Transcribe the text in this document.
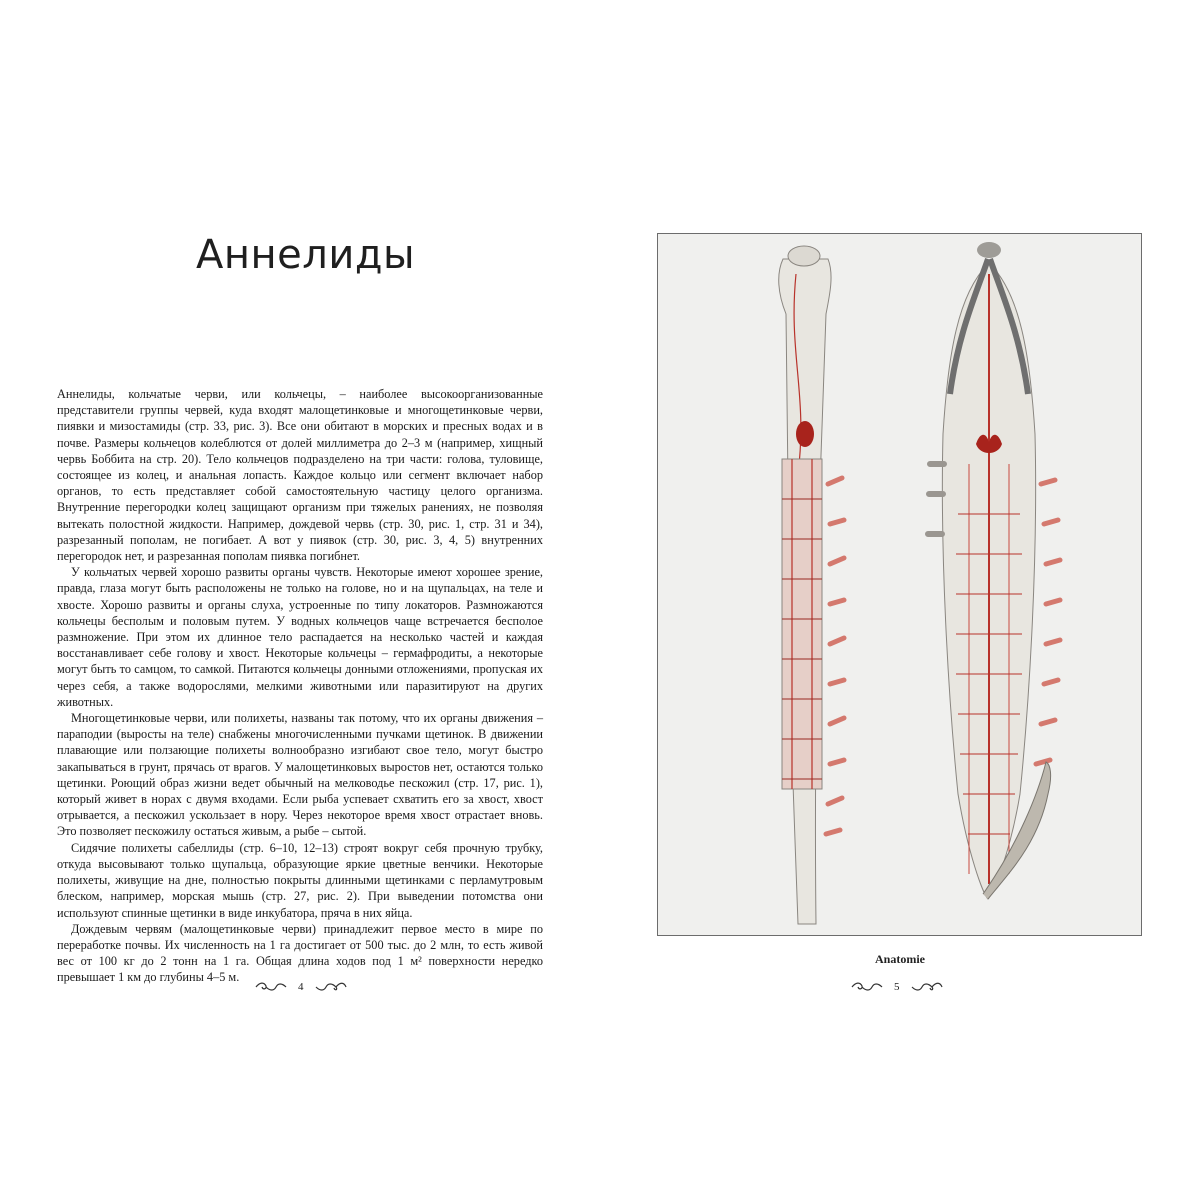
Аннелиды

Аннелиды, кольчатые черви, или кольчецы, – наиболее высокоорганизованные представители группы червей, куда входят малощетинковые и многощетинковые черви, пиявки и мизостамиды (стр. 33, рис. 3). Все они обитают в морских и пресных водах и в почве. Размеры кольчецов колеблются от долей миллиметра до 2–3 м (например, хищный червь Боббита на стр. 20). Тело кольчецов подразделено на три части: голова, туловище, состоящее из колец, и анальная лопасть. Каждое кольцо или сегмент включает набор органов, то есть представляет собой самостоятельную частицу целого организма. Внутренние перегородки колец защищают организм при тяжелых ранениях, не позволяя вытекать полостной жидкости. Например, дождевой червь (стр. 30, рис. 1, стр. 31 и 34), разрезанный пополам, не погибает. А вот у пиявок (стр. 30, рис. 3, 4, 5) внутренних перегородок нет, и разрезанная пополам пиявка погибнет.

У кольчатых червей хорошо развиты органы чувств. Некоторые имеют хорошее зрение, правда, глаза могут быть расположены не только на голове, но и на щупальцах, на теле и хвосте. Хорошо развиты и органы слуха, устроенные по типу локаторов. Размножаются кольчецы бесполым и половым путем. У водных кольчецов чаще встречается бесполое размножение. При этом их длинное тело распадается на несколько частей и каждая восстанавливает себе голову и хвост. Некоторые кольчецы – гермафродиты, а некоторые могут быть то самцом, то самкой. Питаются кольчецы донными отложениями, пропуская их через себя, а также водорослями, мелкими животными или паразитируют на других животных.

Многощетинковые черви, или полихеты, названы так потому, что их органы движения – параподии (выросты на теле) снабжены многочисленными пучками щетинок. В движении плавающие или ползающие полихеты волнообразно изгибают свое тело, могут быстро закапываться в грунт, прячась от врагов. У малощетинковых выростов нет, остаются только щетинки. Роющий образ жизни ведет обычный на мелководье пескожил (стр. 17, рис. 1), который живет в норах с двумя входами. Если рыба успевает схватить его за хвост, хвост отрывается, а пескожил ускользает в нору. Через некоторое время хвост отрастает вновь. Это позволяет пескожилу остаться живым, а рыбе – сытой.

Сидячие полихеты сабеллиды (стр. 6–10, 12–13) строят вокруг себя прочную трубку, откуда высовывают только щупальца, образующие яркие цветные венчики. Некоторые полихеты, живущие на дне, полностью покрыты длинными щетинками с перламутровым блеском, например, морская мышь (стр. 27, рис. 2). При выведении потомства они используют спинные щетинки в виде инкубатора, пряча в них яйца.

Дождевым червям (малощетинковые черви) принадлежит первое место в мире по переработке почвы. Их численность на 1 га достигает от 500 тыс. до 2 млн, то есть живой вес от 100 кг до 2 тонн на 1 га. Общая длина ходов под 1 м² поверхности нередко превышает 1 км до глубины 4–5 м.

4
Anatomie
5
